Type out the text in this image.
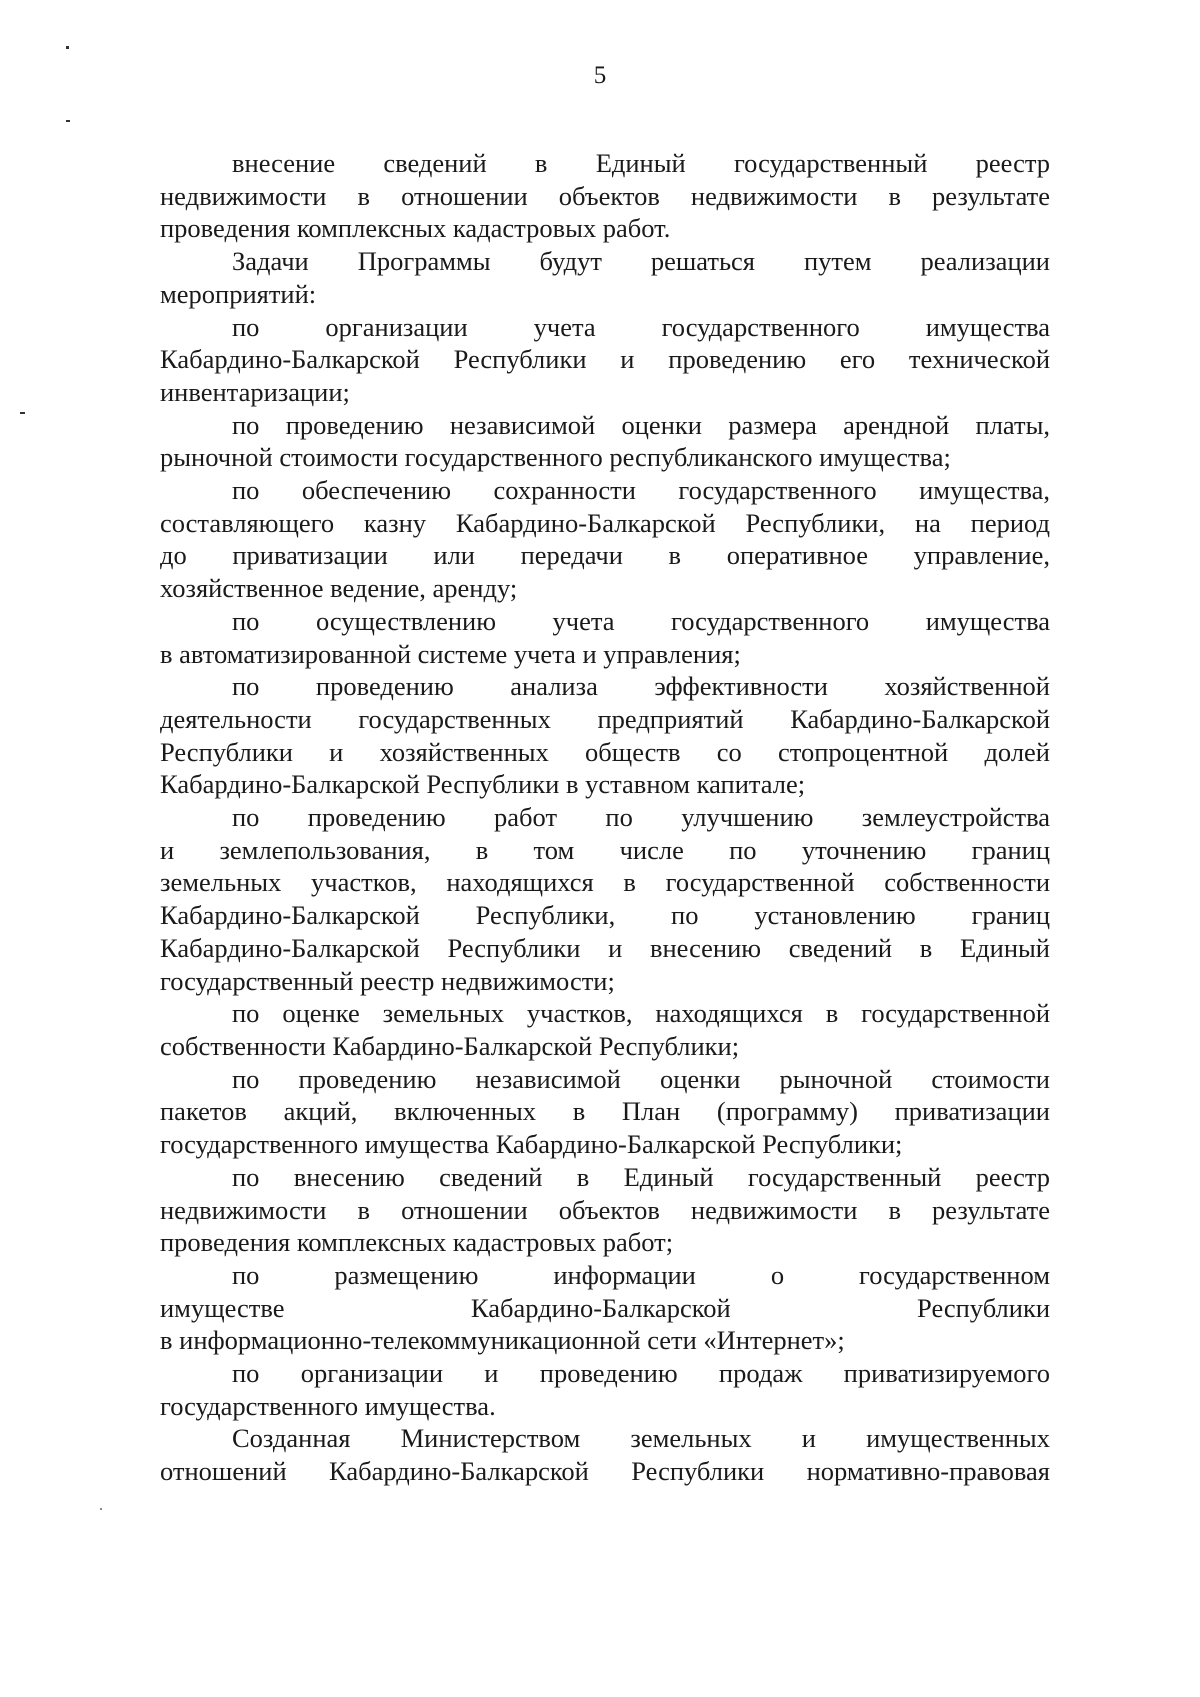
5

внесение сведений в Единый государственный реестр

недвижимости в отношении объектов недвижимости в результате

проведения комплексных кадастровых работ.

Задачи Программы будут решаться путем реализации

мероприятий:

по организации учета государственного имущества

Кабардино-Балкарской Республики и проведению его технической

инвентаризации;

по проведению независимой оценки размера арендной платы,

рыночной стоимости государственного республиканского имущества;

по обеспечению сохранности государственного имущества,

составляющего казну Кабардино-Балкарской Республики, на период

до приватизации или передачи в оперативное управление,

хозяйственное ведение, аренду;

по осуществлению учета государственного имущества

в автоматизированной системе учета и управления;

по проведению анализа эффективности хозяйственной

деятельности государственных предприятий Кабардино-Балкарской

Республики и хозяйственных обществ со стопроцентной долей

Кабардино-Балкарской Республики в уставном капитале;

по проведению работ по улучшению землеустройства

и землепользования, в том числе по уточнению границ

земельных участков, находящихся в государственной собственности

Кабардино-Балкарской Республики, по установлению границ

Кабардино-Балкарской Республики и внесению сведений в Единый

государственный реестр недвижимости;

по оценке земельных участков, находящихся в государственной

собственности Кабардино-Балкарской Республики;

по проведению независимой оценки рыночной стоимости

пакетов акций, включенных в План (программу) приватизации

государственного имущества Кабардино-Балкарской Республики;

по внесению сведений в Единый государственный реестр

недвижимости в отношении объектов недвижимости в результате

проведения комплексных кадастровых работ;

по размещению информации о государственном

имуществе Кабардино-Балкарской Республики

в информационно-телекоммуникационной сети «Интернет»;

по организации и проведению продаж приватизируемого

государственного имущества.

Созданная Министерством земельных и имущественных

отношений Кабардино-Балкарской Республики нормативно-правовая
